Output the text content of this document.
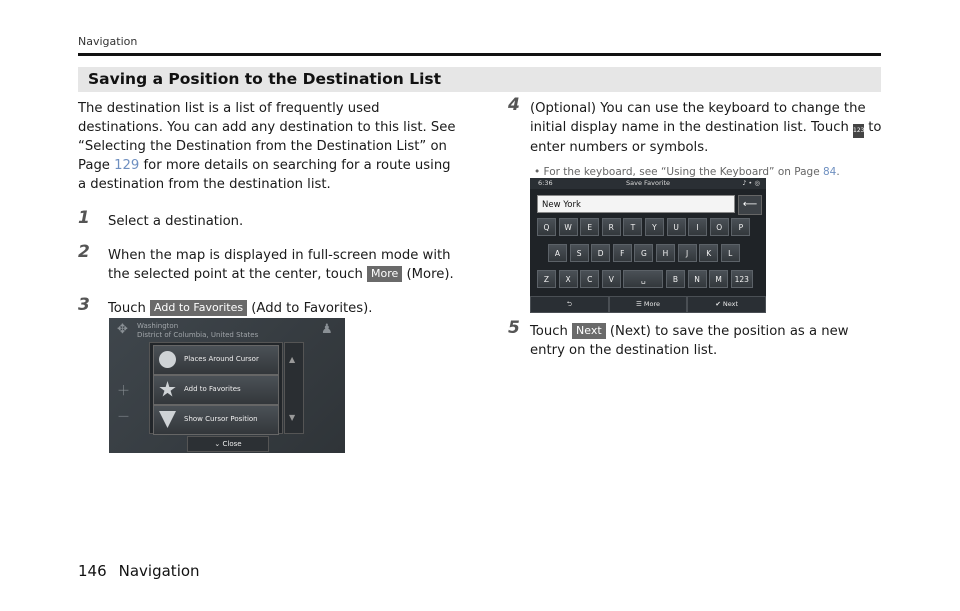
Navigation
Saving a Position to the Destination List
The destination list is a list of frequently used destinations. You can add any destination to this list. See “Selecting the Destination from the Destination List” on Page 129 for more details on searching for a route using a destination from the destination list.
1	Select a destination.
2	When the map is displayed in full-screen mode with the selected point at the center, touch More (More).
3	Touch Add to Favorites (Add to Favorites).
✥ Washington
District of Columbia, United States	♟
＋
－
Places Around Cursor
Add to Favorites
Show Cursor Position
▲
▼
⌄ Close
4 (Optional) You can use the keyboard to change the initial display name in the destination list. Touch 123 to enter numbers or symbols.
• For the keyboard, see “Using the Keyboard” on Page 84.
6:36	Save Favorite	♪ • ◎
New York	⟵
Q	W	E	R	T	Y	U	I	O	P
A	S	D	F	G	H	J	K	L
Z	X	C	V	␣	B	N	M	123
⮌	☰ More	✔ Next
5 Touch Next (Next) to save the position as a new entry on the destination list.
146 Navigation
